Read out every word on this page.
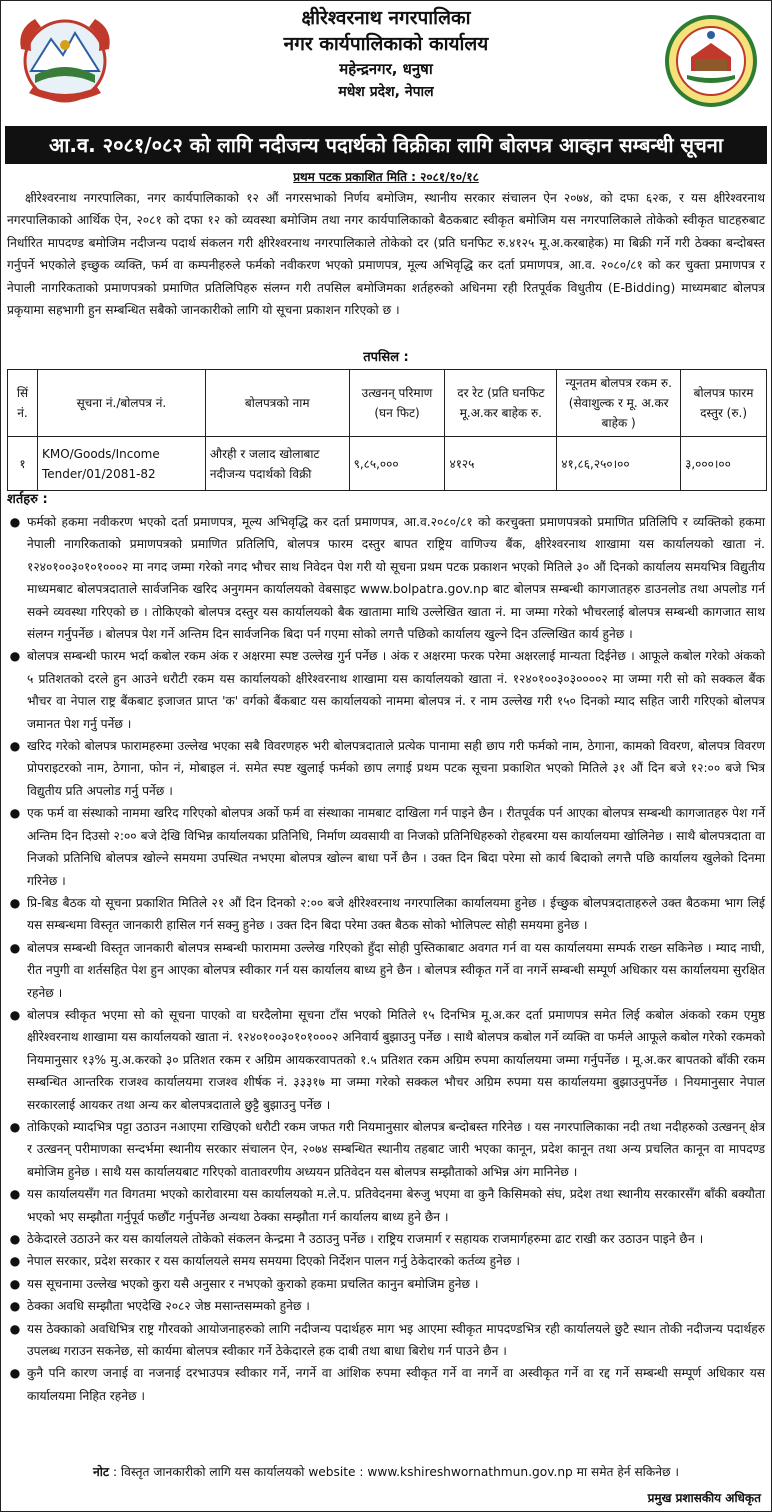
क्षीरेश्वरनाथ नगरपालिका
नगर कार्यपालिकाको कार्यालय
महेन्द्रनगर, धनुषा
मधेश प्रदेश, नेपाल
आ.व. २०८१/०८२ को लागि नदीजन्य पदार्थको विक्रीका लागि बोलपत्र आव्हान सम्बन्धी सूचना
प्रथम पटक प्रकाशित मिति : २०८१/१०/१८

क्षीरेश्वरनाथ नगरपालिका, नगर कार्यपालिकाको १२ औं नगरसभाको निर्णय बमोजिम, स्थानीय सरकार संचालन ऐन २०७४, को दफा ६२क, र यस क्षीरेश्वरनाथ नगरपालिकाको आर्थिक ऐन, २०८१ को दफा १२ को व्यवस्था बमोजिम तथा नगर कार्यपालिकाको बैठकबाट स्वीकृत बमोजिम यस नगरपालिकाले तोकेको स्वीकृत घाटहरुबाट निर्धारित मापदण्ड बमोजिम नदीजन्य पदार्थ संकलन गरी क्षीरेश्वरनाथ नगरपालिकाले तोकेको दर (प्रति घनफिट रु.४१२५ मू.अ.करबाहेक) मा बिक्री गर्ने गरी ठेक्का बन्दोबस्त गर्नुपर्ने भएकोले इच्छुक व्यक्ति, फर्म वा कम्पनीहरुले फर्मको नवीकरण भएको प्रमाणपत्र, मूल्य अभिवृद्धि कर दर्ता प्रमाणपत्र, आ.व. २०८०/८१ को कर चुक्ता प्रमाणपत्र र नेपाली नागरिकताको प्रमाणपत्रको प्रमाणित प्रतिलिपिहरु संलग्न गरी तपसिल बमोजिमका शर्तहरुको अधिनमा रही रितपूर्वक विधुतीय (E-Bidding) माध्यमबाट बोलपत्र प्रकृयामा सहभागी हुन सम्बन्धित सबैको जानकारीको लागि यो सूचना प्रकाशन गरिएको छ ।

तपसिल :
सिं नं.	सूचना नं./बोलपत्र नं.	बोलपत्रको नाम	उत्खनन् परिमाण (घन फिट)	दर रेट (प्रति घनफिट मू.अ.कर बाहेक रु.	न्यूनतम बोलपत्र रकम रु. (सेवाशुल्क र मू. अ.कर बाहेक )	बोलपत्र फारम दस्तुर (रु.)
१	KMO/Goods/Income Tender/01/2081-82	औरही र जलाद खोलाबाट नदीजन्य पदार्थको विक्री	९,८५,०००	४१२५	४१,८६,२५०।००	३,०००।००
शर्तहरु :
● फर्मको हकमा नवीकरण भएको दर्ता प्रमाणपत्र, मूल्य अभिवृद्धि कर दर्ता प्रमाणपत्र, आ.व.२०८०/८१ को करचुक्ता प्रमाणपत्रको प्रमाणित प्रतिलिपि र व्यक्तिको हकमा नेपाली नागरिकताको प्रमाणपत्रको प्रमाणित प्रतिलिपि, बोलपत्र फारम दस्तुर बापत राष्ट्रिय वाणिज्य बैंक, क्षीरेश्वरनाथ शाखामा यस कार्यालयको खाता नं. १२४०१००३०१०१०००२ मा नगद जम्मा गरेको नगद भौचर साथ निवेदन पेश गरी यो सूचना प्रथम पटक प्रकाशन भएको मितिले ३० औं दिनको कार्यालय समयभित्र विद्युतीय माध्यमबाट बोलपत्रदाताले सार्वजनिक खरिद अनुगमन कार्यालयको वेबसाइट www.bolpatra.gov.np बाट बोलपत्र सम्बन्धी कागजातहरु डाउनलोड तथा अपलोड गर्न सक्ने व्यवस्था गरिएको छ । तोकिएको बोलपत्र दस्तुर यस कार्यालयको बैक खातामा माथि उल्लेखित खाता नं. मा जम्मा गरेको भौचरलाई बोलपत्र सम्बन्धी कागजात साथ संलग्न गर्नुपर्नेछ । बोलपत्र पेश गर्ने अन्तिम दिन सार्वजनिक बिदा पर्न गएमा सोको लगत्तै पछिको कार्यालय खुल्ने दिन उल्लिखित कार्य हुनेछ ।
● बोलपत्र सम्बन्धी फारम भर्दा कबोल रकम अंक र अक्षरमा स्पष्ट उल्लेख गुर्न पर्नेछ । अंक र अक्षरमा फरक परेमा अक्षरलाई मान्यता दिईनेछ । आफूले कबोल गरेको अंकको ५ प्रतिशतको दरले हुन आउने धरौटी रकम यस कार्यालयको क्षीरेश्वरनाथ शाखामा यस कार्यालयको खाता नं. १२४०१००३०३००००२ मा जम्मा गरी सो को सक्कल बैंक भौचर वा नेपाल राष्ट्र बैंकबाट इजाजत प्राप्त 'क' वर्गको बैंकबाट यस कार्यालयको नाममा बोलपत्र नं. र नाम उल्लेख गरी १५० दिनको म्याद सहित जारी गरिएको बोलपत्र जमानत पेश गर्नु पर्नेछ ।
● खरिद गरेको बोलपत्र फारामहरुमा उल्लेख भएका सबै विवरणहरु भरी बोलपत्रदाताले प्रत्येक पानामा सही छाप गरी फर्मको नाम, ठेगाना, कामको विवरण, बोलपत्र विवरण प्रोपराइटरको नाम, ठेगाना, फोन नं, मोबाइल नं. समेत स्पष्ट खुलाई फर्मको छाप लगाई प्रथम पटक सूचना प्रकाशित भएको मितिले ३१ औं दिन बजे १२:०० बजे भित्र विद्युतीय प्रति अपलोड गर्नु पर्नेछ ।
● एक फर्म वा संस्थाको नाममा खरिद गरिएको बोलपत्र अर्को फर्म वा संस्थाका नामबाट दाखिला गर्न पाइने छैन । रीतपूर्वक पर्न आएका बोलपत्र सम्बन्धी कागजातहरु पेश गर्ने अन्तिम दिन दिउसो २:०० बजे देखि विभिन्न कार्यालयका प्रतिनिधि, निर्माण व्यवसायी वा निजको प्रतिनिधिहरुको रोहबरमा यस कार्यालयमा खोलिनेछ । साथै बोलपत्रदाता वा निजको प्रतिनिधि बोलपत्र खोल्ने समयमा उपस्थित नभएमा बोलपत्र खोल्न बाधा पर्ने छैन । उक्त दिन बिदा परेमा सो कार्य बिदाको लगत्तै पछि कार्यालय खुलेको दिनमा गरिनेछ ।
● प्रि-बिड बैठक यो सूचना प्रकाशित मितिले २१ औं दिन दिनको २:०० बजे क्षीरेश्वरनाथ नगरपालिका कार्यालयमा हुनेछ । ईच्छुक बोलपत्रदाताहरुले उक्त बैठकमा भाग लिई यस सम्बन्धमा विस्तृत जानकारी हासिल गर्न सक्नु हुनेछ । उक्त दिन बिदा परेमा उक्त बैठक सोको भोलिपल्ट सोही समयमा हुनेछ ।
● बोलपत्र सम्बन्धी विस्तृत जानकारी बोलपत्र सम्बन्धी फाराममा उल्लेख गरिएको हुँदा सोही पुस्तिकाबाट अवगत गर्न वा यस कार्यालयमा सम्पर्क राख्न सकिनेछ । म्याद नाघी, रीत नपुगी वा शर्तसहित पेश हुन आएका बोलपत्र स्वीकार गर्न यस कार्यालय बाध्य हुने छैन । बोलपत्र स्वीकृत गर्ने वा नगर्ने सम्बन्धी सम्पूर्ण अधिकार यस कार्यालयमा सुरक्षित रहनेछ ।
● बोलपत्र स्वीकृत भएमा सो को सूचना पाएको वा घरदैलोमा सूचना टाँस भएको मितिले १५ दिनभित्र मू.अ.कर दर्ता प्रमाणपत्र समेत लिई कबोल अंकको रकम एमुष्ठ क्षीरेश्वरनाथ शाखामा यस कार्यालयको खाता नं. १२४०१००३०१०१०००२ अनिवार्य बुझाउनु पर्नेछ । साथै बोलपत्र कबोल गर्ने व्यक्ति वा फर्मले आफूले कबोल गरेको रकमको नियमानुसार १३% मु.अ.करको ३० प्रतिशत रकम र अग्रिम आयकरवापतको १.५ प्रतिशत रकम अग्रिम रुपमा कार्यालयमा जम्मा गर्नुपर्नेछ । मू.अ.कर बापतको बाँकी रकम सम्बन्धित आन्तरिक राजश्व कार्यालयमा राजश्व शीर्षक नं. ३३३१७ मा जम्मा गरेको सक्कल भौचर अग्रिम रुपमा यस कार्यालयमा बुझाउनुपर्नेछ । नियमानुसार नेपाल सरकारलाई आयकर तथा अन्य कर बोलपत्रदाताले छुट्टै बुझाउनु पर्नेछ ।
● तोकिएको म्यादभित्र पट्टा उठाउन नआएमा राखिएको धरौटी रकम जफत गरी नियमानुसार बोलपत्र बन्दोबस्त गरिनेछ । यस नगरपालिकाका नदी तथा नदीहरुको उत्खनन् क्षेत्र र उत्खनन् परीमाणका सन्दर्भमा स्थानीय सरकार संचालन ऐन, २०७४ सम्बन्धित स्थानीय तहबाट जारी भएका कानून, प्रदेश कानून तथा अन्य प्रचलित कानून वा मापदण्ड बमोजिम हुनेछ । साथै यस कार्यालयबाट गरिएको वातावरणीय अध्ययन प्रतिवेदन यस बोलपत्र सम्झौताको अभिन्न अंग मानिनेछ ।
● यस कार्यालयसँग गत विगतमा भएको कारोवारमा यस कार्यालयको म.ले.प. प्रतिवेदनमा बेरुजु भएमा वा कुनै किसिमको संघ, प्रदेश तथा स्थानीय सरकारसँग बाँकी बक्यौता भएको भए सम्झौता गर्नुपूर्व फछौंट गर्नुपर्नेछ अन्यथा ठेक्का सम्झौता गर्न कार्यालय बाध्य हुने छैन ।
● ठेकेदारले उठाउने कर यस कार्यालयले तोकेको संकलन केन्द्रमा नै उठाउनु पर्नेछ । राष्ट्रिय राजमार्ग र सहायक राजमार्गहरुमा ढाट राखी कर उठाउन पाइने छैन ।
● नेपाल सरकार, प्रदेश सरकार र यस कार्यालयले समय समयमा दिएको निर्देशन पालन गर्नु ठेकेदारको कर्तव्य हुनेछ ।
● यस सूचनामा उल्लेख भएको कुरा यसै अनुसार र नभएको कुराको हकमा प्रचलित कानुन बमोजिम हुनेछ ।
● ठेक्का अवधि सम्झौता भएदेखि २०८२ जेष्ठ मसान्तसम्मको हुनेछ ।
● यस ठेक्काको अवधिभित्र राष्ट्र गौरवको आयोजनाहरुको लागि नदीजन्य पदार्थहरु माग भइ आएमा स्वीकृत मापदण्डभित्र रही कार्यालयले छुटै स्थान तोकी नदीजन्य पदार्थहरु उपलब्ध गराउन सकनेछ, सो कार्यमा बोलपत्र स्वीकार गर्ने ठेकेदारले हक दाबी तथा बाधा बिरोध गर्न पाउने छैन ।
● कुनै पनि कारण जनाई वा नजनाई दरभाउपत्र स्वीकार गर्ने, नगर्ने वा आंशिक रुपमा स्वीकृत गर्ने वा नगर्ने वा अस्वीकृत गर्ने वा रद्द गर्ने सम्बन्धी सम्पूर्ण अधिकार यस कार्यालयमा निहित रहनेछ ।
नोट : विस्तृत जानकारीको लागि यस कार्यालयको website : www.kshireshwornathmun.gov.np मा समेत हेर्न सकिनेछ ।
प्रमुख प्रशासकीय अधिकृत
